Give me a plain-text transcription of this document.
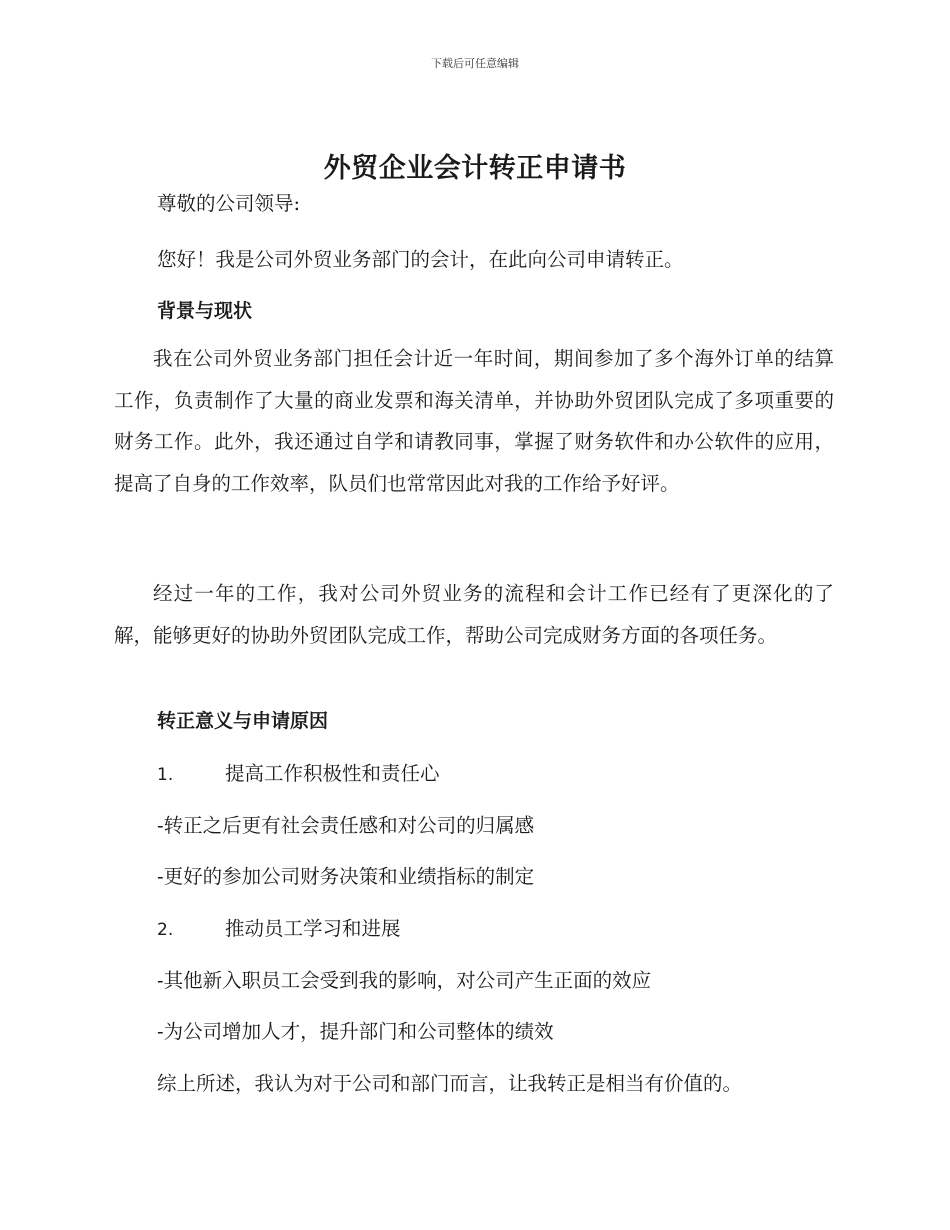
下载后可任意编辑
外贸企业会计转正申请书
尊敬的公司领导:
您好！我是公司外贸业务部门的会计，在此向公司申请转正。
背景与现状
我在公司外贸业务部门担任会计近一年时间，期间参加了多个海外订单的结算工作，负责制作了大量的商业发票和海关清单，并协助外贸团队完成了多项重要的财务工作。此外，我还通过自学和请教同事，掌握了财务软件和办公软件的应用，提高了自身的工作效率，队员们也常常因此对我的工作给予好评。
经过一年的工作，我对公司外贸业务的流程和会计工作已经有了更深化的了解，能够更好的协助外贸团队完成工作，帮助公司完成财务方面的各项任务。
转正意义与申请原因
1.	提高工作积极性和责任心
-转正之后更有社会责任感和对公司的归属感
-更好的参加公司财务决策和业绩指标的制定
2.	推动员工学习和进展
-其他新入职员工会受到我的影响，对公司产生正面的效应
-为公司增加人才，提升部门和公司整体的绩效
综上所述，我认为对于公司和部门而言，让我转正是相当有价值的。
